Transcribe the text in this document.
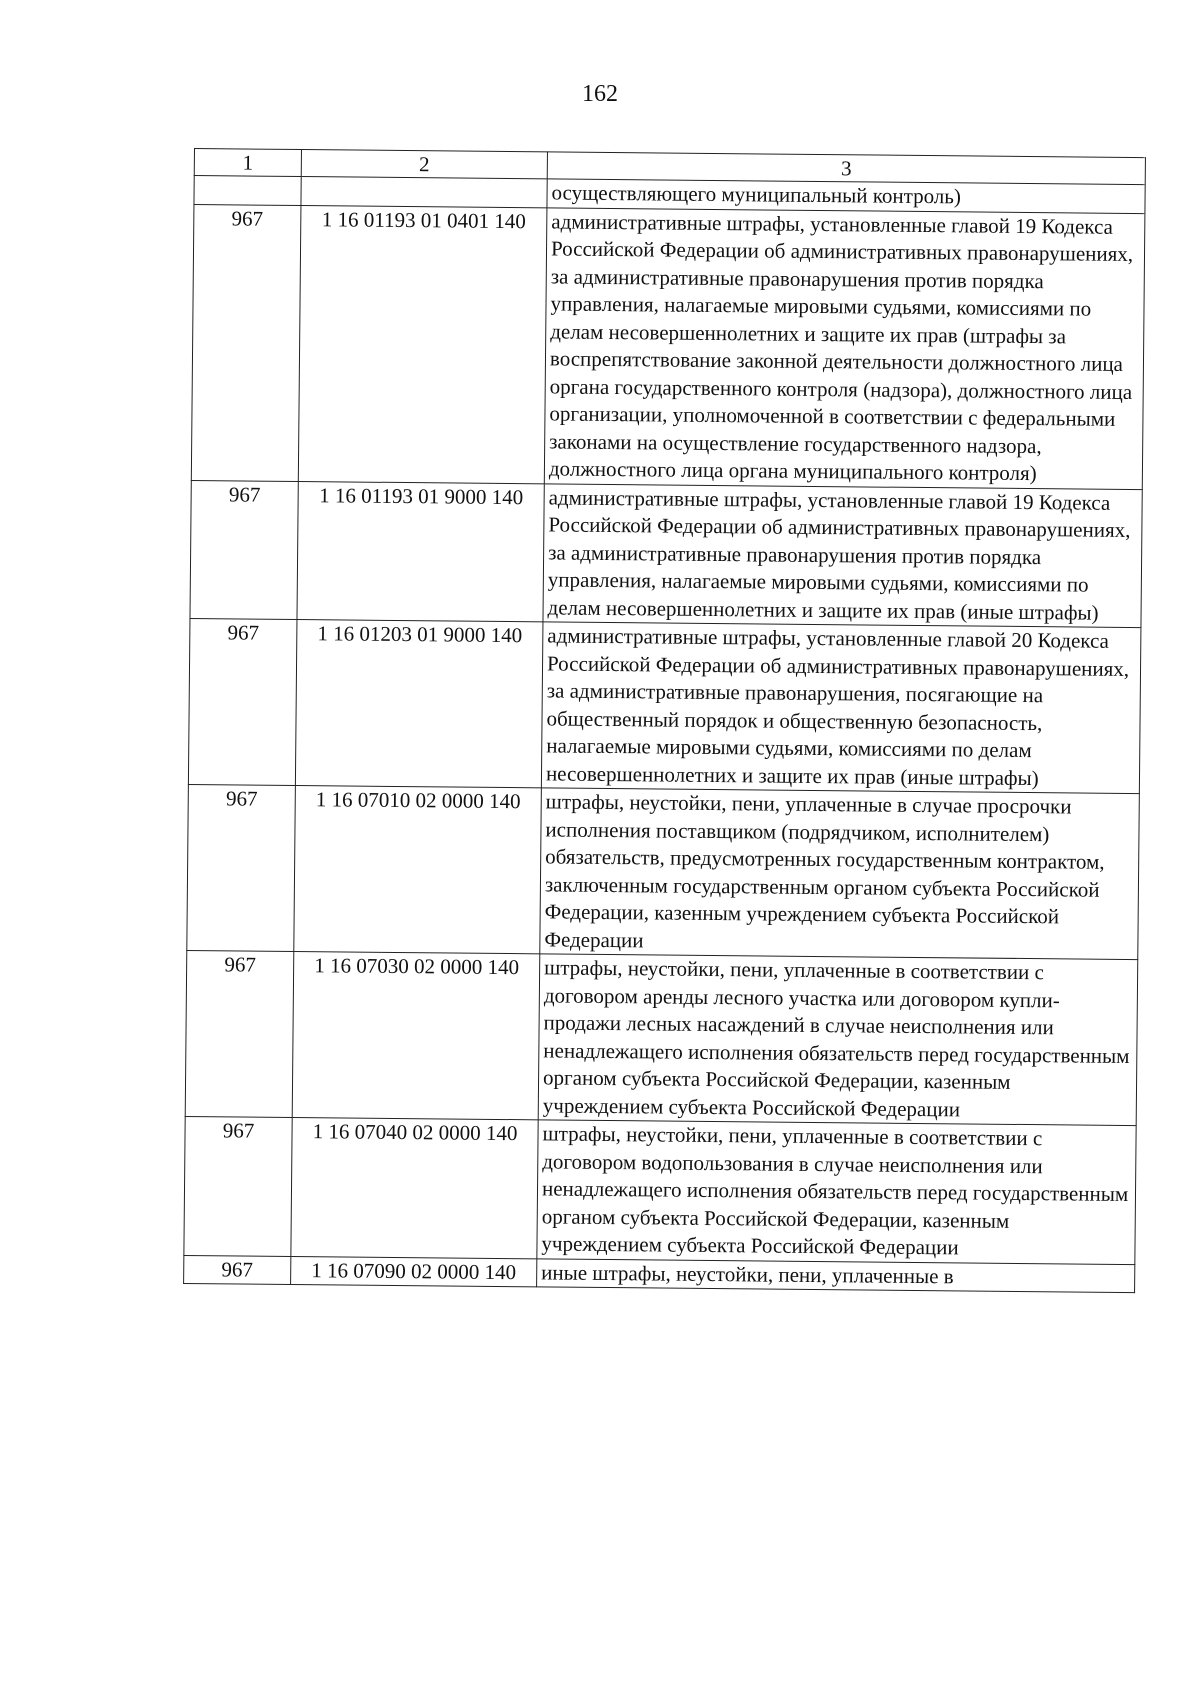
162
1	2	3
		осуществляющего муниципальный контроль)
967	1 16 01193 01 0401 140	административные штрафы, установленные главой 19 Кодекса Российской Федерации об административных правонарушениях, за административные правонарушения против порядка управления, налагаемые мировыми судьями, комиссиями по делам несовершеннолетних и защите их прав (штрафы за воспрепятствование законной деятельности должностного лица органа государственного контроля (надзора), должностного лица организации, уполномоченной в соответствии с федеральными законами на осуществление государственного надзора, должностного лица органа муниципального контроля)
967	1 16 01193 01 9000 140	административные штрафы, установленные главой 19 Кодекса Российской Федерации об административных правонарушениях, за административные правонарушения против порядка управления, налагаемые мировыми судьями, комиссиями по делам несовершеннолетних и защите их прав (иные штрафы)
967	1 16 01203 01 9000 140	административные штрафы, установленные главой 20 Кодекса Российской Федерации об административных правонарушениях, за административные правонарушения, посягающие на общественный порядок и общественную безопасность, налагаемые мировыми судьями, комиссиями по делам несовершеннолетних и защите их прав (иные штрафы)
967	1 16 07010 02 0000 140	штрафы, неустойки, пени, уплаченные в случае просрочки исполнения поставщиком (подрядчиком, исполнителем) обязательств, предусмотренных государственным контрактом, заключенным государственным органом субъекта Российской Федерации, казенным учреждением субъекта Российской Федерации
967	1 16 07030 02 0000 140	штрафы, неустойки, пени, уплаченные в соответствии с договором аренды лесного участка или договором купли-продажи лесных насаждений в случае неисполнения или ненадлежащего исполнения обязательств перед государственным органом субъекта Российской Федерации, казенным учреждением субъекта Российской Федерации
967	1 16 07040 02 0000 140	штрафы, неустойки, пени, уплаченные в соответствии с договором водопользования в случае неисполнения или ненадлежащего исполнения обязательств перед государственным органом субъекта Российской Федерации, казенным учреждением субъекта Российской Федерации
967	1 16 07090 02 0000 140	иные штрафы, неустойки, пени, уплаченные в
